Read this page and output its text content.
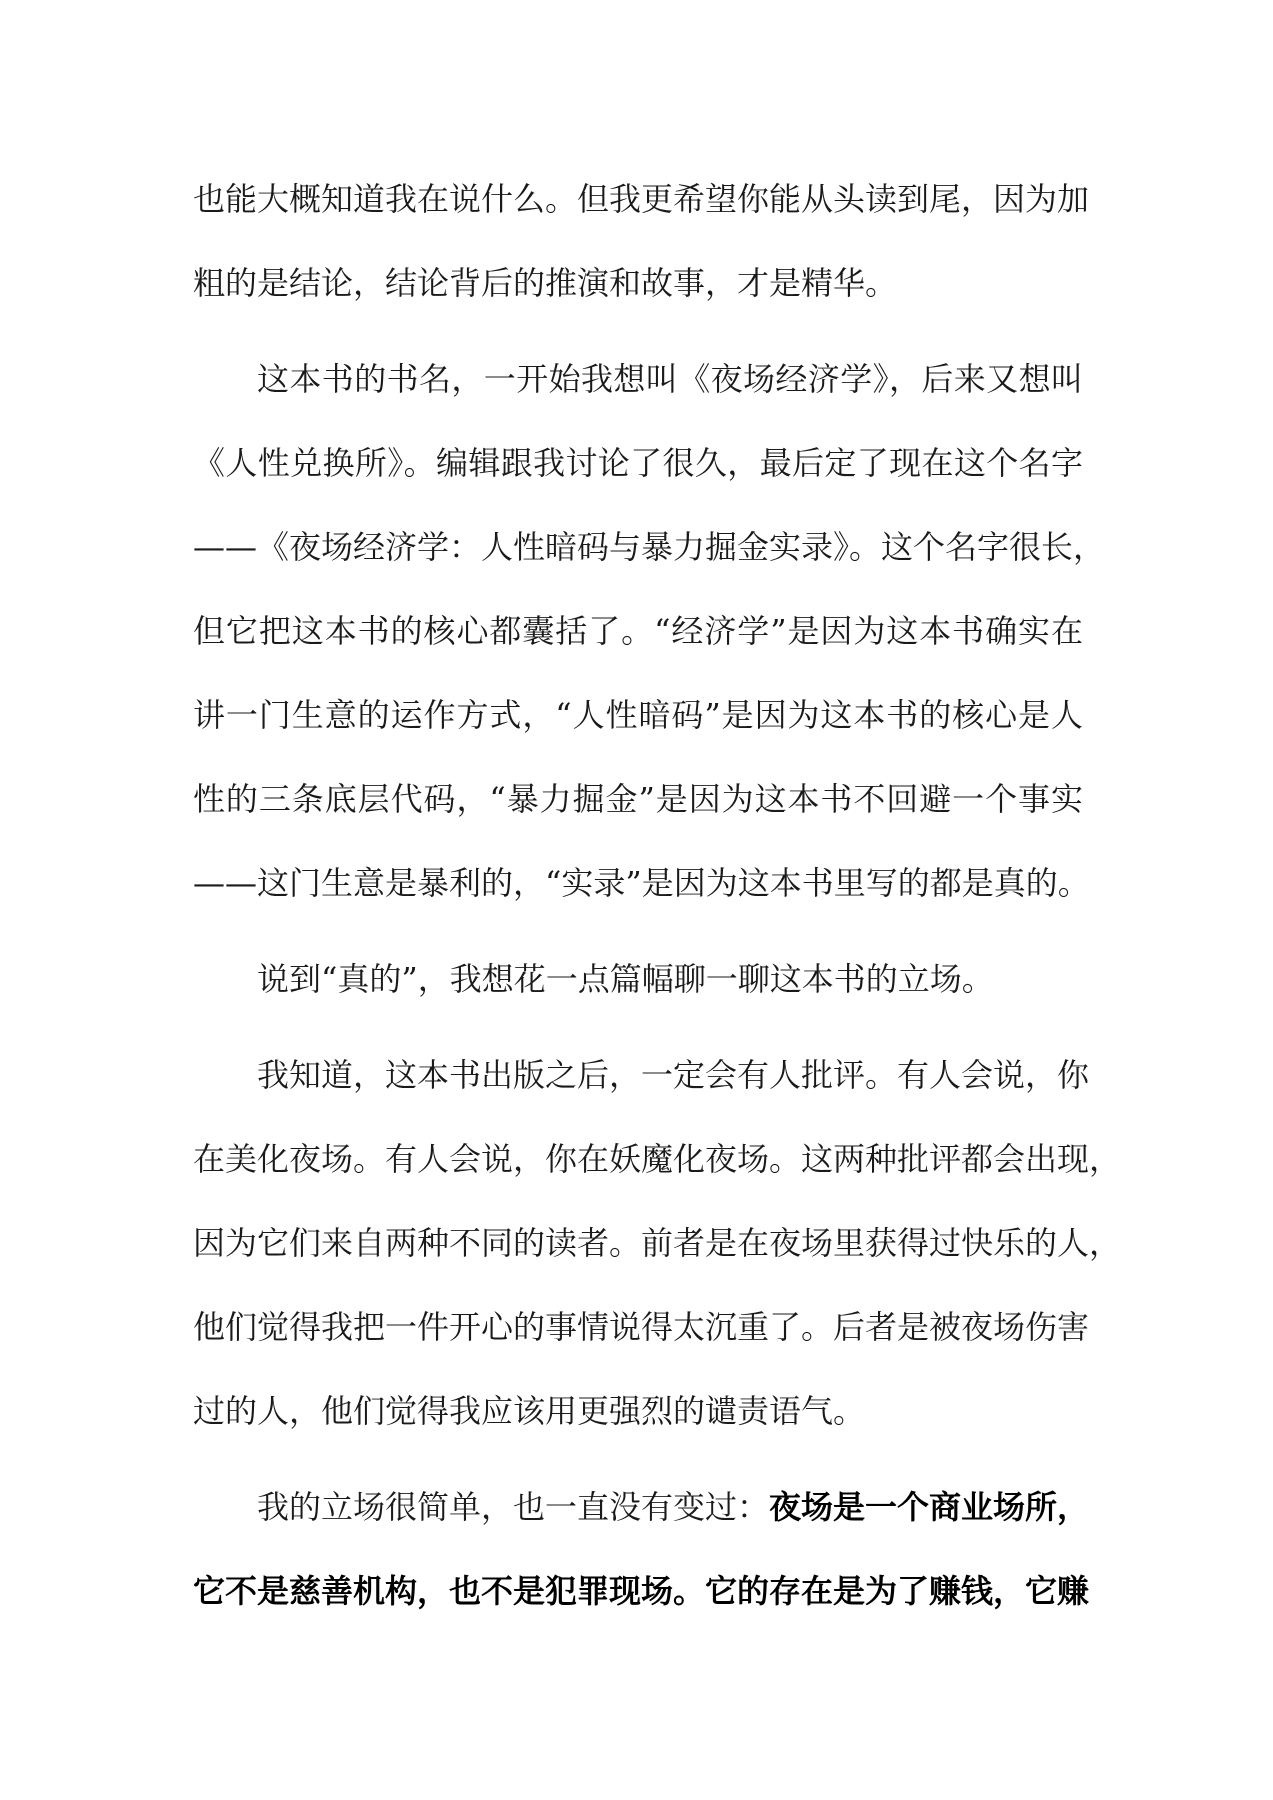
也能大概知道我在说什么。但我更希望你能从头读到尾，因为加
粗的是结论，结论背后的推演和故事，才是精华。
这本书的书名，一开始我想叫《夜场经济学》，后来又想叫
《人性兑换所》。编辑跟我讨论了很久，最后定了现在这个名字
——《夜场经济学：人性暗码与暴力掘金实录》。这个名字很长，
但它把这本书的核心都囊括了。“经济学”是因为这本书确实在
讲一门生意的运作方式，“人性暗码”是因为这本书的核心是人
性的三条底层代码，“暴力掘金”是因为这本书不回避一个事实
——这门生意是暴利的，“实录”是因为这本书里写的都是真的。
说到“真的”，我想花一点篇幅聊一聊这本书的立场。
我知道，这本书出版之后，一定会有人批评。有人会说，你
在美化夜场。有人会说，你在妖魔化夜场。这两种批评都会出现，
因为它们来自两种不同的读者。前者是在夜场里获得过快乐的人，
他们觉得我把一件开心的事情说得太沉重了。后者是被夜场伤害
过的人，他们觉得我应该用更强烈的谴责语气。
我的立场很简单，也一直没有变过：夜场是一个商业场所，
它不是慈善机构，也不是犯罪现场。它的存在是为了赚钱，它赚
